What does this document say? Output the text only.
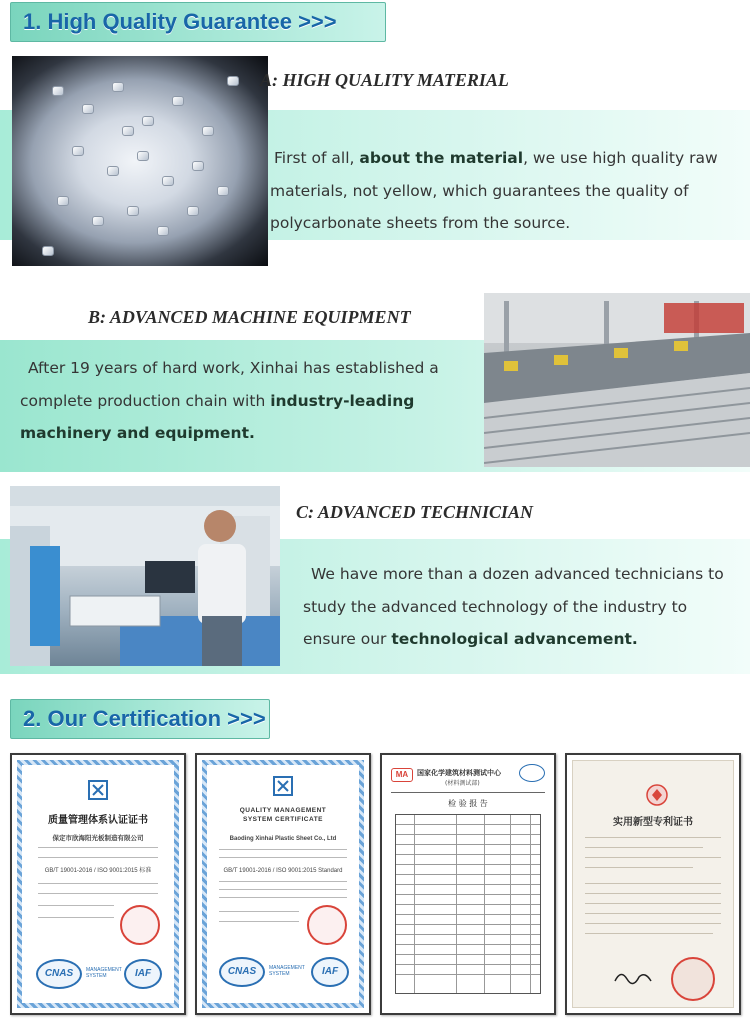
1. High Quality Guarantee >>>
A: HIGH QUALITY MATERIAL
First of all, about the material, we use high quality raw materials, not yellow, which guarantees the quality of polycarbonate sheets from the source.
B: ADVANCED MACHINE EQUIPMENT
After 19 years of hard work, Xinhai has established a complete production chain with industry-leading machinery and equipment.
C: ADVANCED TECHNICIAN
We have more than a dozen advanced technicians to study the advanced technology of the industry to ensure our technological advancement.
2. Our Certification >>>
质量管理体系认证证书
保定市欣海阳光板制造有限公司
GB/T 19001-2016 / ISO 9001:2015 标准
CNAS	MANAGEMENT SYSTEM	IAF
QUALITY MANAGEMENT
SYSTEM CERTIFICATE
Baoding Xinhai Plastic Sheet Co., Ltd
GB/T 19001-2016 / ISO 9001:2015 Standard
CNAS	MANAGEMENT SYSTEM	IAF
MA	国家化学建筑材料测试中心
(材料测试部)
检 验 报 告
实用新型专利证书
